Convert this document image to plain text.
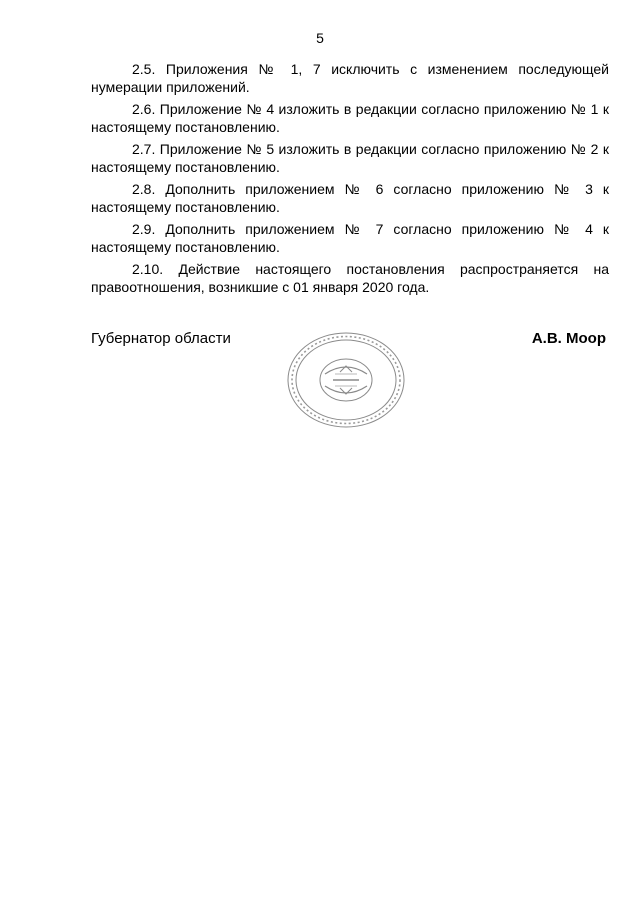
5

2.5. Приложения № 1, 7 исключить с изменением последующей нумерации приложений.

2.6. Приложение № 4 изложить в редакции согласно приложению № 1 к настоящему постановлению.

2.7. Приложение № 5 изложить в редакции согласно приложению № 2 к настоящему постановлению.

2.8. Дополнить приложением № 6 согласно приложению № 3 к настоящему постановлению.

2.9. Дополнить приложением № 7 согласно приложению № 4 к настоящему постановлению.

2.10. Действие настоящего постановления распространяется на правоотношения, возникшие с 01 января 2020 года.

Губернатор области	А.В. Моор
